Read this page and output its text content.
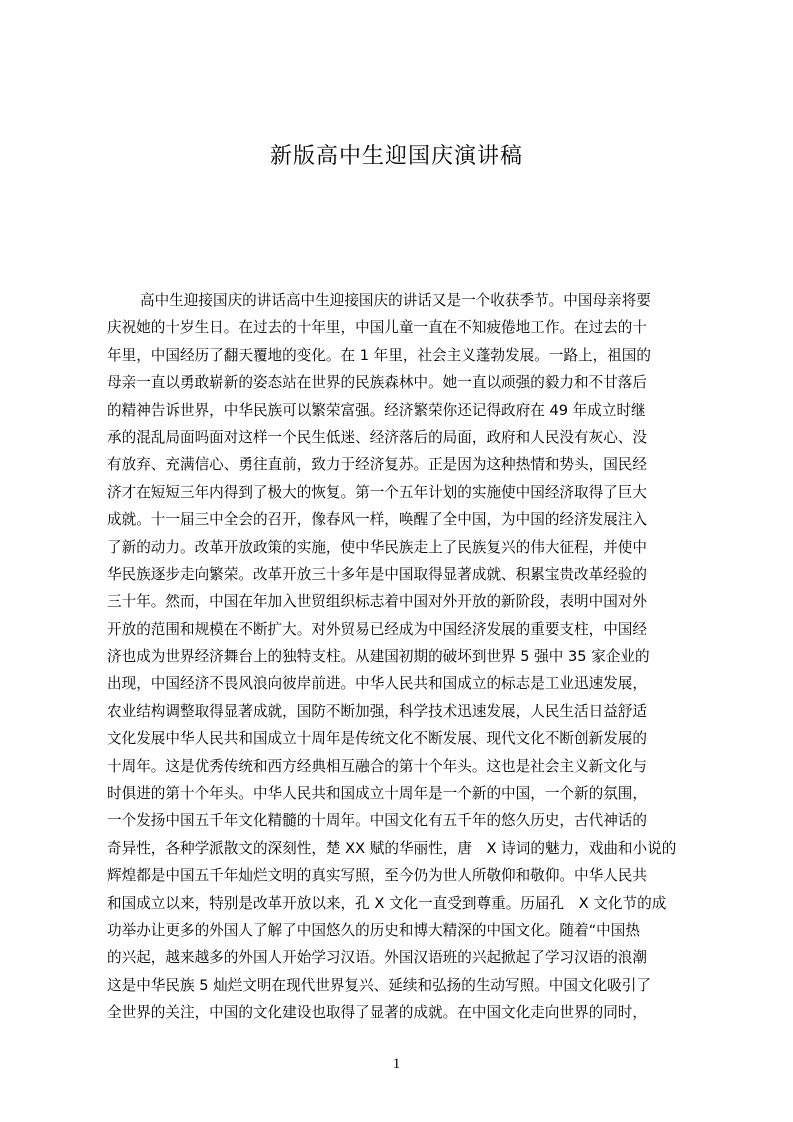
新版高中生迎国庆演讲稿
高中生迎接国庆的讲话高中生迎接国庆的讲话又是一个收获季节。中国母亲将要
庆祝她的十岁生日。在过去的十年里，中国儿童一直在不知疲倦地工作。在过去的十
年里，中国经历了翻天覆地的变化。在 1 年里，社会主义蓬勃发展。一路上，祖国的
母亲一直以勇敢崭新的姿态站在世界的民族森林中。她一直以顽强的毅力和不甘落后
的精神告诉世界，中华民族可以繁荣富强。经济繁荣你还记得政府在 49 年成立时继
承的混乱局面吗面对这样一个民生低迷、经济落后的局面，政府和人民没有灰心、没
有放弃、充满信心、勇往直前，致力于经济复苏。正是因为这种热情和势头，国民经
济才在短短三年内得到了极大的恢复。第一个五年计划的实施使中国经济取得了巨大
成就。十一届三中全会的召开，像春风一样，唤醒了全中国，为中国的经济发展注入
了新的动力。改革开放政策的实施，使中华民族走上了民族复兴的伟大征程，并使中
华民族逐步走向繁荣。改革开放三十多年是中国取得显著成就、积累宝贵改革经验的
三十年。然而，中国在年加入世贸组织标志着中国对外开放的新阶段，表明中国对外
开放的范围和规模在不断扩大。对外贸易已经成为中国经济发展的重要支柱，中国经
济也成为世界经济舞台上的独特支柱。从建国初期的破坏到世界 5 强中 35 家企业的
出现，中国经济不畏风浪向彼岸前进。中华人民共和国成立的标志是工业迅速发展，
农业结构调整取得显著成就，国防不断加强，科学技术迅速发展，人民生活日益舒适
文化发展中华人民共和国成立十周年是传统文化不断发展、现代文化不断创新发展的
十周年。这是优秀传统和西方经典相互融合的第十个年头。这也是社会主义新文化与
时俱进的第十个年头。中华人民共和国成立十周年是一个新的中国，一个新的氛围，
一个发扬中国五千年文化精髓的十周年。中国文化有五千年的悠久历史，古代神话的
奇异性，各种学派散文的深刻性，楚 XX 赋的华丽性，唐　X 诗词的魅力，戏曲和小说的
辉煌都是中国五千年灿烂文明的真实写照，至今仍为世人所敬仰和敬仰。中华人民共
和国成立以来，特别是改革开放以来，孔 X 文化一直受到尊重。历届孔　X 文化节的成
功举办让更多的外国人了解了中国悠久的历史和博大精深的中国文化。随着“中国热
的兴起，越来越多的外国人开始学习汉语。外国汉语班的兴起掀起了学习汉语的浪潮
这是中华民族 5 灿烂文明在现代世界复兴、延续和弘扬的生动写照。中国文化吸引了
全世界的关注，中国的文化建设也取得了显著的成就。在中国文化走向世界的同时，
1
